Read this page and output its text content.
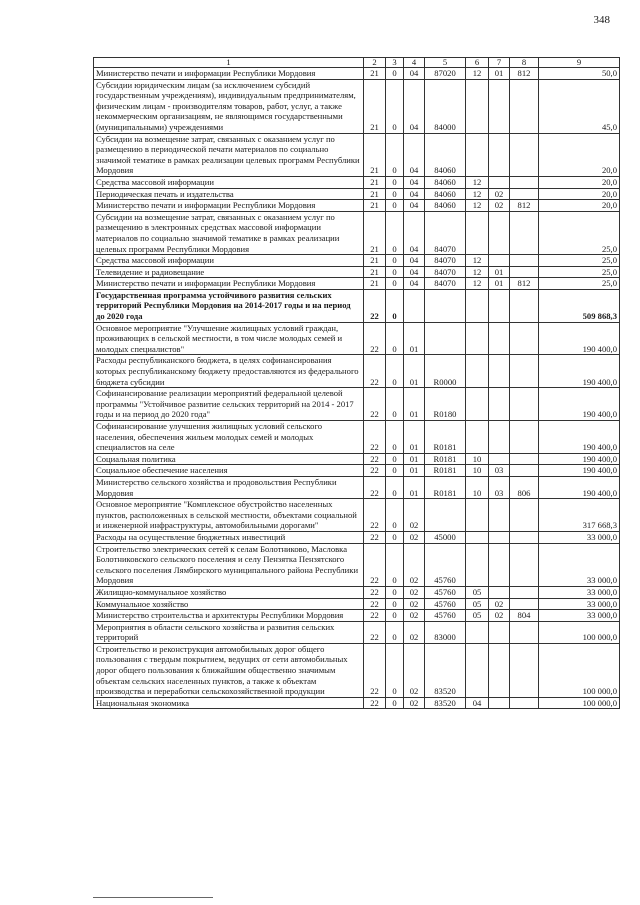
348
1	2	3	4	5	6	7	8	9
Министерство печати и информации Республики Мордовия	21	0	04	87020	12	01	812	50,0
Субсидии юридическим лицам (за исключением субсидий государственным учреждениям), индивидуальным предпринимателям, физическим лицам - производителям товаров, работ, услуг, а также некоммерческим организациям, не являющимся государственными (муниципальными) учреждениями	21	0	04	84000				45,0
Субсидии на возмещение затрат, связанных с оказанием услуг по размещению в периодической печати материалов по социально значимой тематике в рамках реализации целевых программ Республики Мордовия	21	0	04	84060				20,0
Средства массовой информации	21	0	04	84060	12			20,0
Периодическая печать и издательства	21	0	04	84060	12	02		20,0
Министерство печати и информации Республики Мордовия	21	0	04	84060	12	02	812	20,0
Субсидии на возмещение затрат, связанных с оказанием услуг по размещению в электронных средствах массовой информации материалов по социально значимой тематике в рамках реализации целевых программ Республики Мордовия	21	0	04	84070				25,0
Средства массовой информации	21	0	04	84070	12			25,0
Телевидение и радиовещание	21	0	04	84070	12	01		25,0
Министерство печати и информации Республики Мордовия	21	0	04	84070	12	01	812	25,0
Государственная программа устойчивого развития сельских территорий Республики Мордовия на 2014-2017 годы и на период до 2020 года	22	0						509 868,3
Основное мероприятие "Улучшение жилищных условий граждан, проживающих в сельской местности, в том числе молодых семей и молодых специалистов"	22	0	01					190 400,0
Расходы республиканского бюджета, в целях софинансирования которых республиканскому бюджету предоставляются из федерального бюджета субсидии	22	0	01	R0000				190 400,0
Софинансирование реализации мероприятий федеральной целевой программы "Устойчивое развитие сельских территорий на 2014 - 2017 годы и на период до 2020 года"	22	0	01	R0180				190 400,0
Софинансирование улучшения жилищных условий сельского населения, обеспечения жильем молодых семей и молодых специалистов на селе	22	0	01	R0181				190 400,0
Социальная политика	22	0	01	R0181	10			190 400,0
Социальное обеспечение населения	22	0	01	R0181	10	03		190 400,0
Министерство сельского хозяйства и продовольствия Республики Мордовия	22	0	01	R0181	10	03	806	190 400,0
Основное мероприятие "Комплексное обустройство населенных пунктов, расположенных в сельской местности, объектами социальной и инженерной инфраструктуры, автомобильными дорогами"	22	0	02					317 668,3
Расходы на осуществление бюджетных инвестиций	22	0	02	45000				33 000,0
Строительство электрических сетей к селам Болотниково, Масловка Болотниковского сельского поселения и селу Пензятка Пензятского сельского поселения Лямбирского муниципального района Республики Мордовия	22	0	02	45760				33 000,0
Жилищно-коммунальное хозяйство	22	0	02	45760	05			33 000,0
Коммунальное хозяйство	22	0	02	45760	05	02		33 000,0
Министерство строительства и архитектуры Республики Мордовия	22	0	02	45760	05	02	804	33 000,0
Мероприятия в области сельского хозяйства и развития сельских территорий	22	0	02	83000				100 000,0
Строительство и реконструкция автомобильных дорог общего пользования с твердым покрытием, ведущих от сети автомобильных дорог общего пользования к ближайшим общественно значимым объектам сельских населенных пунктов, а также к объектам производства и переработки сельскохозяйственной продукции	22	0	02	83520				100 000,0
Национальная экономика	22	0	02	83520	04			100 000,0
